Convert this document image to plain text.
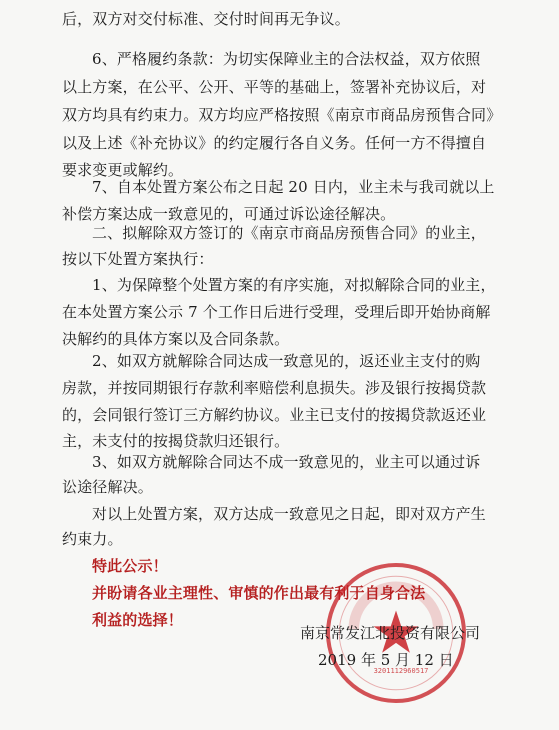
后，双方对交付标准、交付时间再无争议。
6、严格履约条款：为切实保障业主的合法权益，双方依照
以上方案，在公平、公开、平等的基础上，签署补充协议后，对
双方均具有约束力。双方均应严格按照《南京市商品房预售合同》
以及上述《补充协议》的约定履行各自义务。任何一方不得擅自
要求变更或解约。
7、自本处置方案公布之日起 20 日内，业主未与我司就以上
补偿方案达成一致意见的，可通过诉讼途径解决。
二、拟解除双方签订的《南京市商品房预售合同》的业主，
按以下处置方案执行：
1、为保障整个处置方案的有序实施，对拟解除合同的业主，
在本处置方案公示 7 个工作日后进行受理，受理后即开始协商解
决解约的具体方案以及合同条款。
2、如双方就解除合同达成一致意见的，返还业主支付的购
房款，并按同期银行存款利率赔偿利息损失。涉及银行按揭贷款
的，会同银行签订三方解约协议。业主已支付的按揭贷款返还业
主，未支付的按揭贷款归还银行。
3、如双方就解除合同达不成一致意见的，业主可以通过诉
讼途径解决。
对以上处置方案，双方达成一致意见之日起，即对双方产生
约束力。
特此公示！
并盼请各业主理性、审慎的作出最有利于自身合法
利益的选择！
3201112960517
南京常发江北投资有限公司
2019 年 5 月 12 日
